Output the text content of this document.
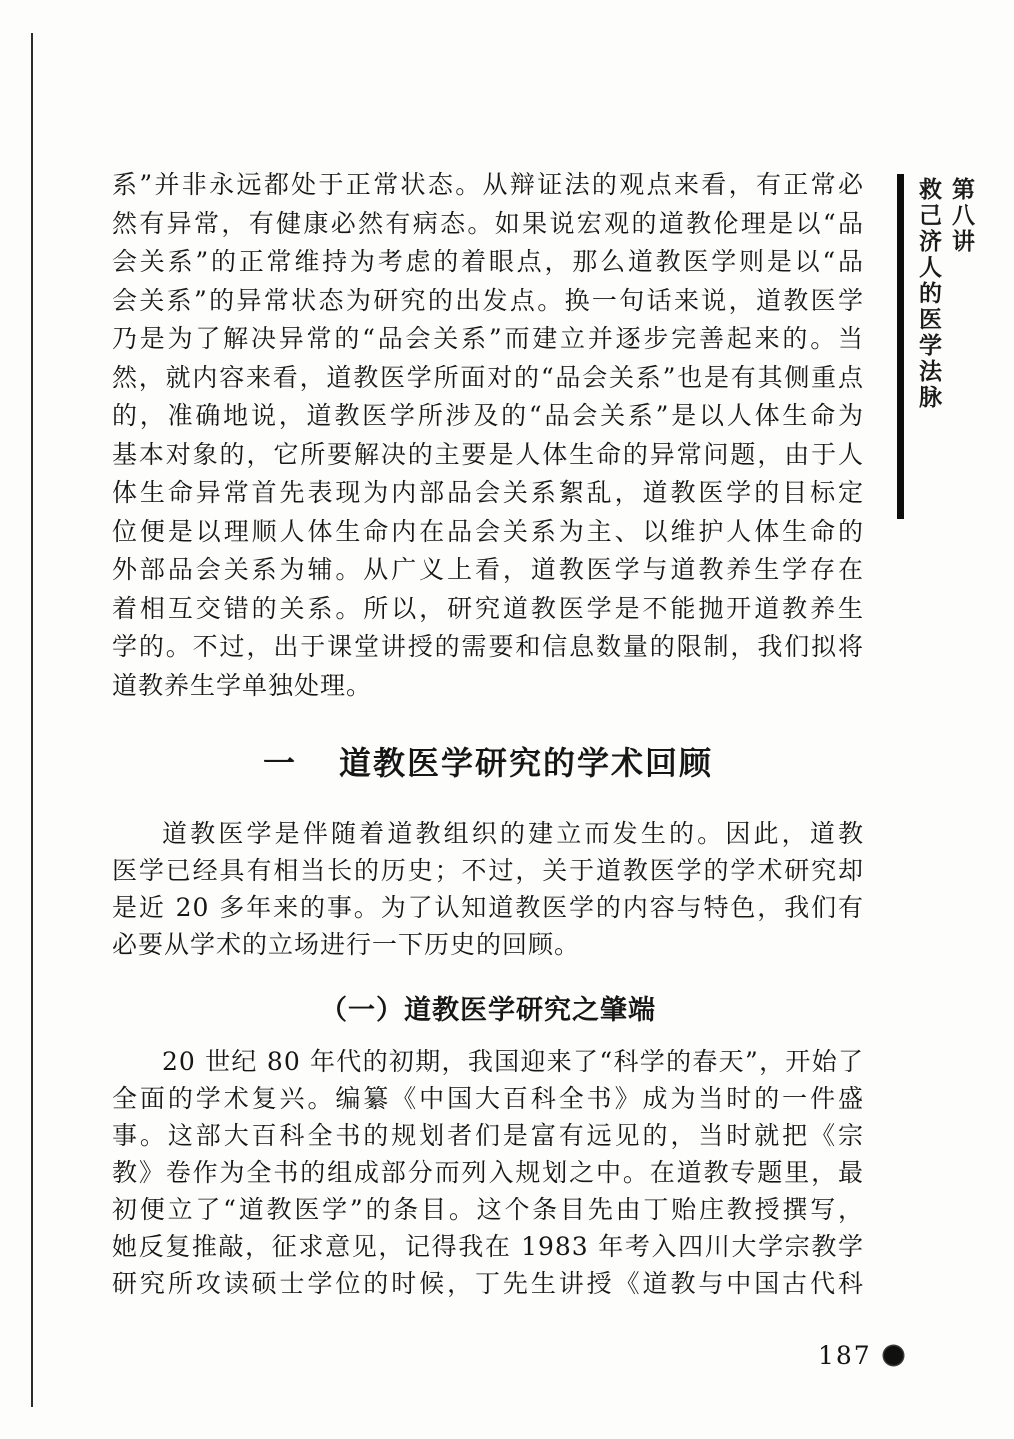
系”并非永远都处于正常状态。从辩证法的观点来看，有正常必
然有异常，有健康必然有病态。如果说宏观的道教伦理是以“品
会关系”的正常维持为考虑的着眼点，那么道教医学则是以“品
会关系”的异常状态为研究的出发点。换一句话来说，道教医学
乃是为了解决异常的“品会关系”而建立并逐步完善起来的。当
然，就内容来看，道教医学所面对的“品会关系”也是有其侧重点
的，准确地说，道教医学所涉及的“品会关系”是以人体生命为
基本对象的，它所要解决的主要是人体生命的异常问题，由于人
体生命异常首先表现为内部品会关系絮乱，道教医学的目标定
位便是以理顺人体生命内在品会关系为主、以维护人体生命的
外部品会关系为辅。从广义上看，道教医学与道教养生学存在
着相互交错的关系。所以，研究道教医学是不能抛开道教养生
学的。不过，出于课堂讲授的需要和信息数量的限制，我们拟将
道教养生学单独处理。
一 道教医学研究的学术回顾
道教医学是伴随着道教组织的建立而发生的。因此，道教
医学已经具有相当长的历史；不过，关于道教医学的学术研究却
是近 20 多年来的事。为了认知道教医学的内容与特色，我们有
必要从学术的立场进行一下历史的回顾。
（一）道教医学研究之肇端
20 世纪 80 年代的初期，我国迎来了“科学的春天”，开始了
全面的学术复兴。编纂《中国大百科全书》成为当时的一件盛
事。这部大百科全书的规划者们是富有远见的，当时就把《宗
教》卷作为全书的组成部分而列入规划之中。在道教专题里，最
初便立了“道教医学”的条目。这个条目先由丁贻庄教授撰写，
她反复推敲，征求意见，记得我在 1983 年考入四川大学宗教学
研究所攻读硕士学位的时候，丁先生讲授《道教与中国古代科
第八讲
救己济人的医学法脉
187
